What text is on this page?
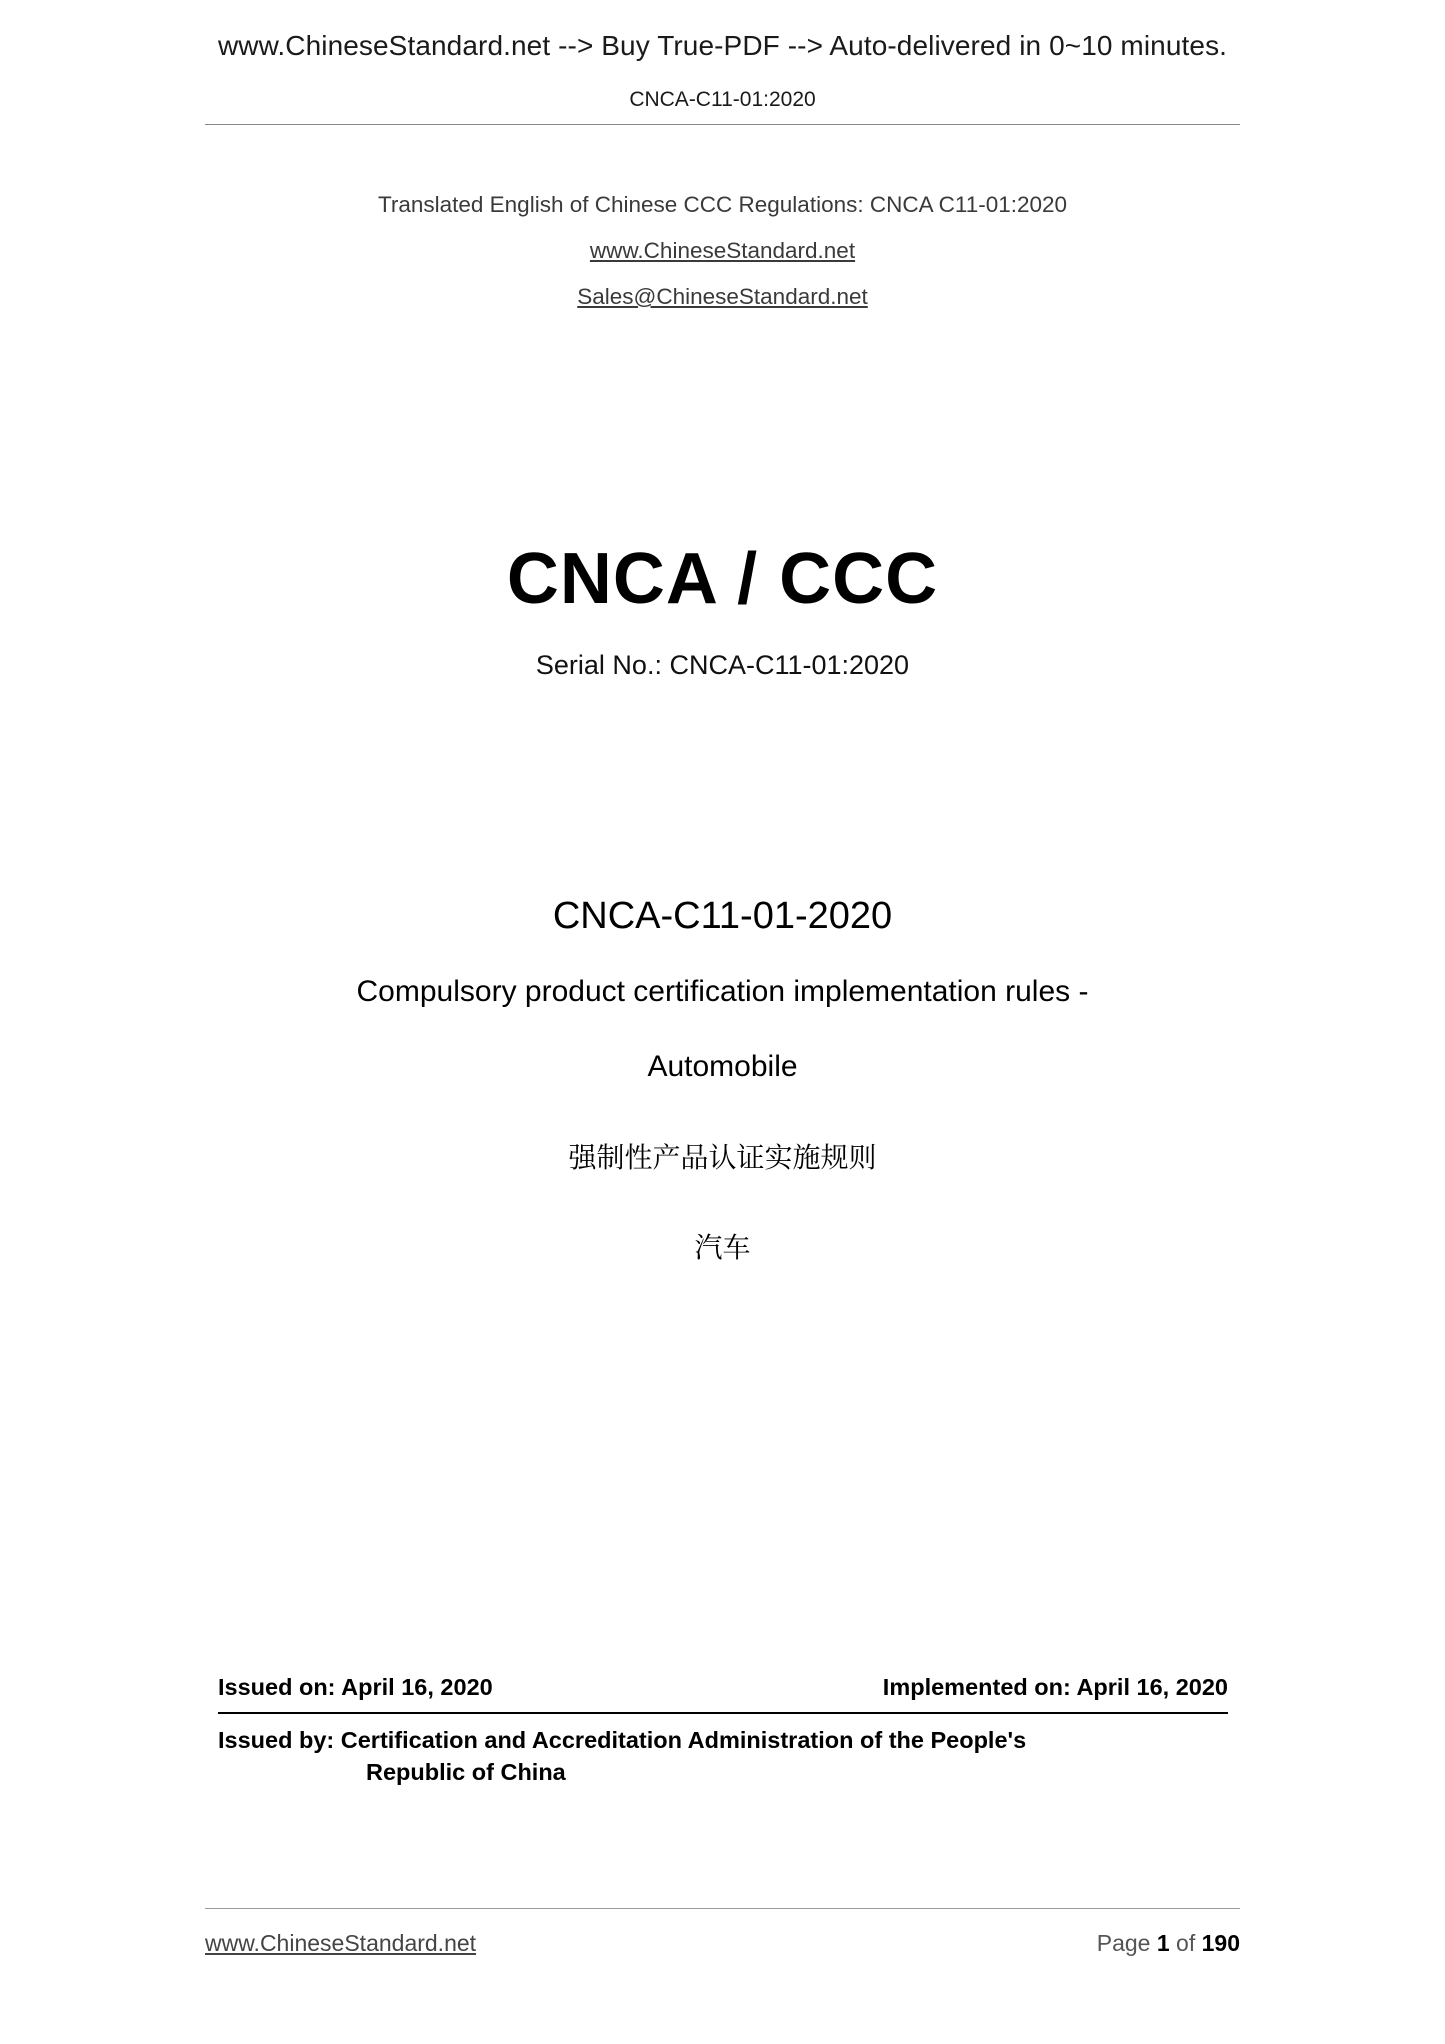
www.ChineseStandard.net --> Buy True-PDF --> Auto-delivered in 0~10 minutes.
CNCA-C11-01:2020
Translated English of Chinese CCC Regulations: CNCA C11-01:2020
www.ChineseStandard.net
Sales@ChineseStandard.net
CNCA / CCC
Serial No.: CNCA-C11-01:2020
CNCA-C11-01-2020
Compulsory product certification implementation rules -
Automobile
强制性产品认证实施规则
汽车
Issued on: April 16, 2020	Implemented on: April 16, 2020
Issued by: Certification and Accreditation Administration of the People's
Republic of China
www.ChineseStandard.net	Page 1 of 190
